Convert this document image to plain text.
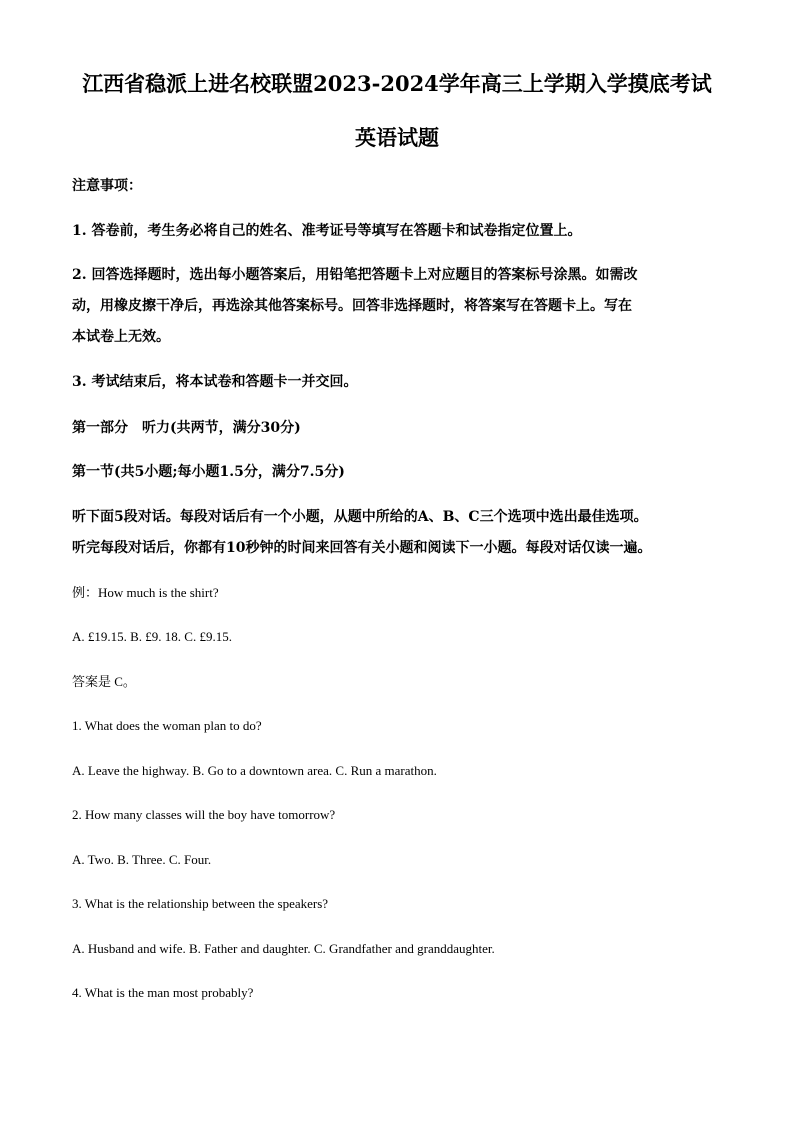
江西省稳派上进名校联盟2023-2024学年高三上学期入学摸底考试
英语试题
注意事项：
1. 答卷前，考生务必将自己的姓名、准考证号等填写在答题卡和试卷指定位置上。
2. 回答选择题时，选出每小题答案后，用铅笔把答题卡上对应题目的答案标号涂黑。如需改
动，用橡皮擦干净后，再选涂其他答案标号。回答非选择题时，将答案写在答题卡上。写在
本试卷上无效。
3. 考试结束后，将本试卷和答题卡一并交回。
第一部分　听力(共两节，满分30分)
第一节(共5小题;每小题1.5分，满分7.5分)
听下面5段对话。每段对话后有一个小题，从题中所给的A、B、C三个选项中选出最佳选项。
听完每段对话后，你都有10秒钟的时间来回答有关小题和阅读下一小题。每段对话仅读一遍。
例：How much is the shirt?
A. £19.15. B. £9. 18. C. £9.15.
答案是 C。
1. What does the woman plan to do?
A. Leave the highway. B. Go to a downtown area. C. Run a marathon.
2. How many classes will the boy have tomorrow?
A. Two. B. Three. C. Four.
3. What is the relationship between the speakers?
A. Husband and wife. B. Father and daughter. C. Grandfather and granddaughter.
4. What is the man most probably?
